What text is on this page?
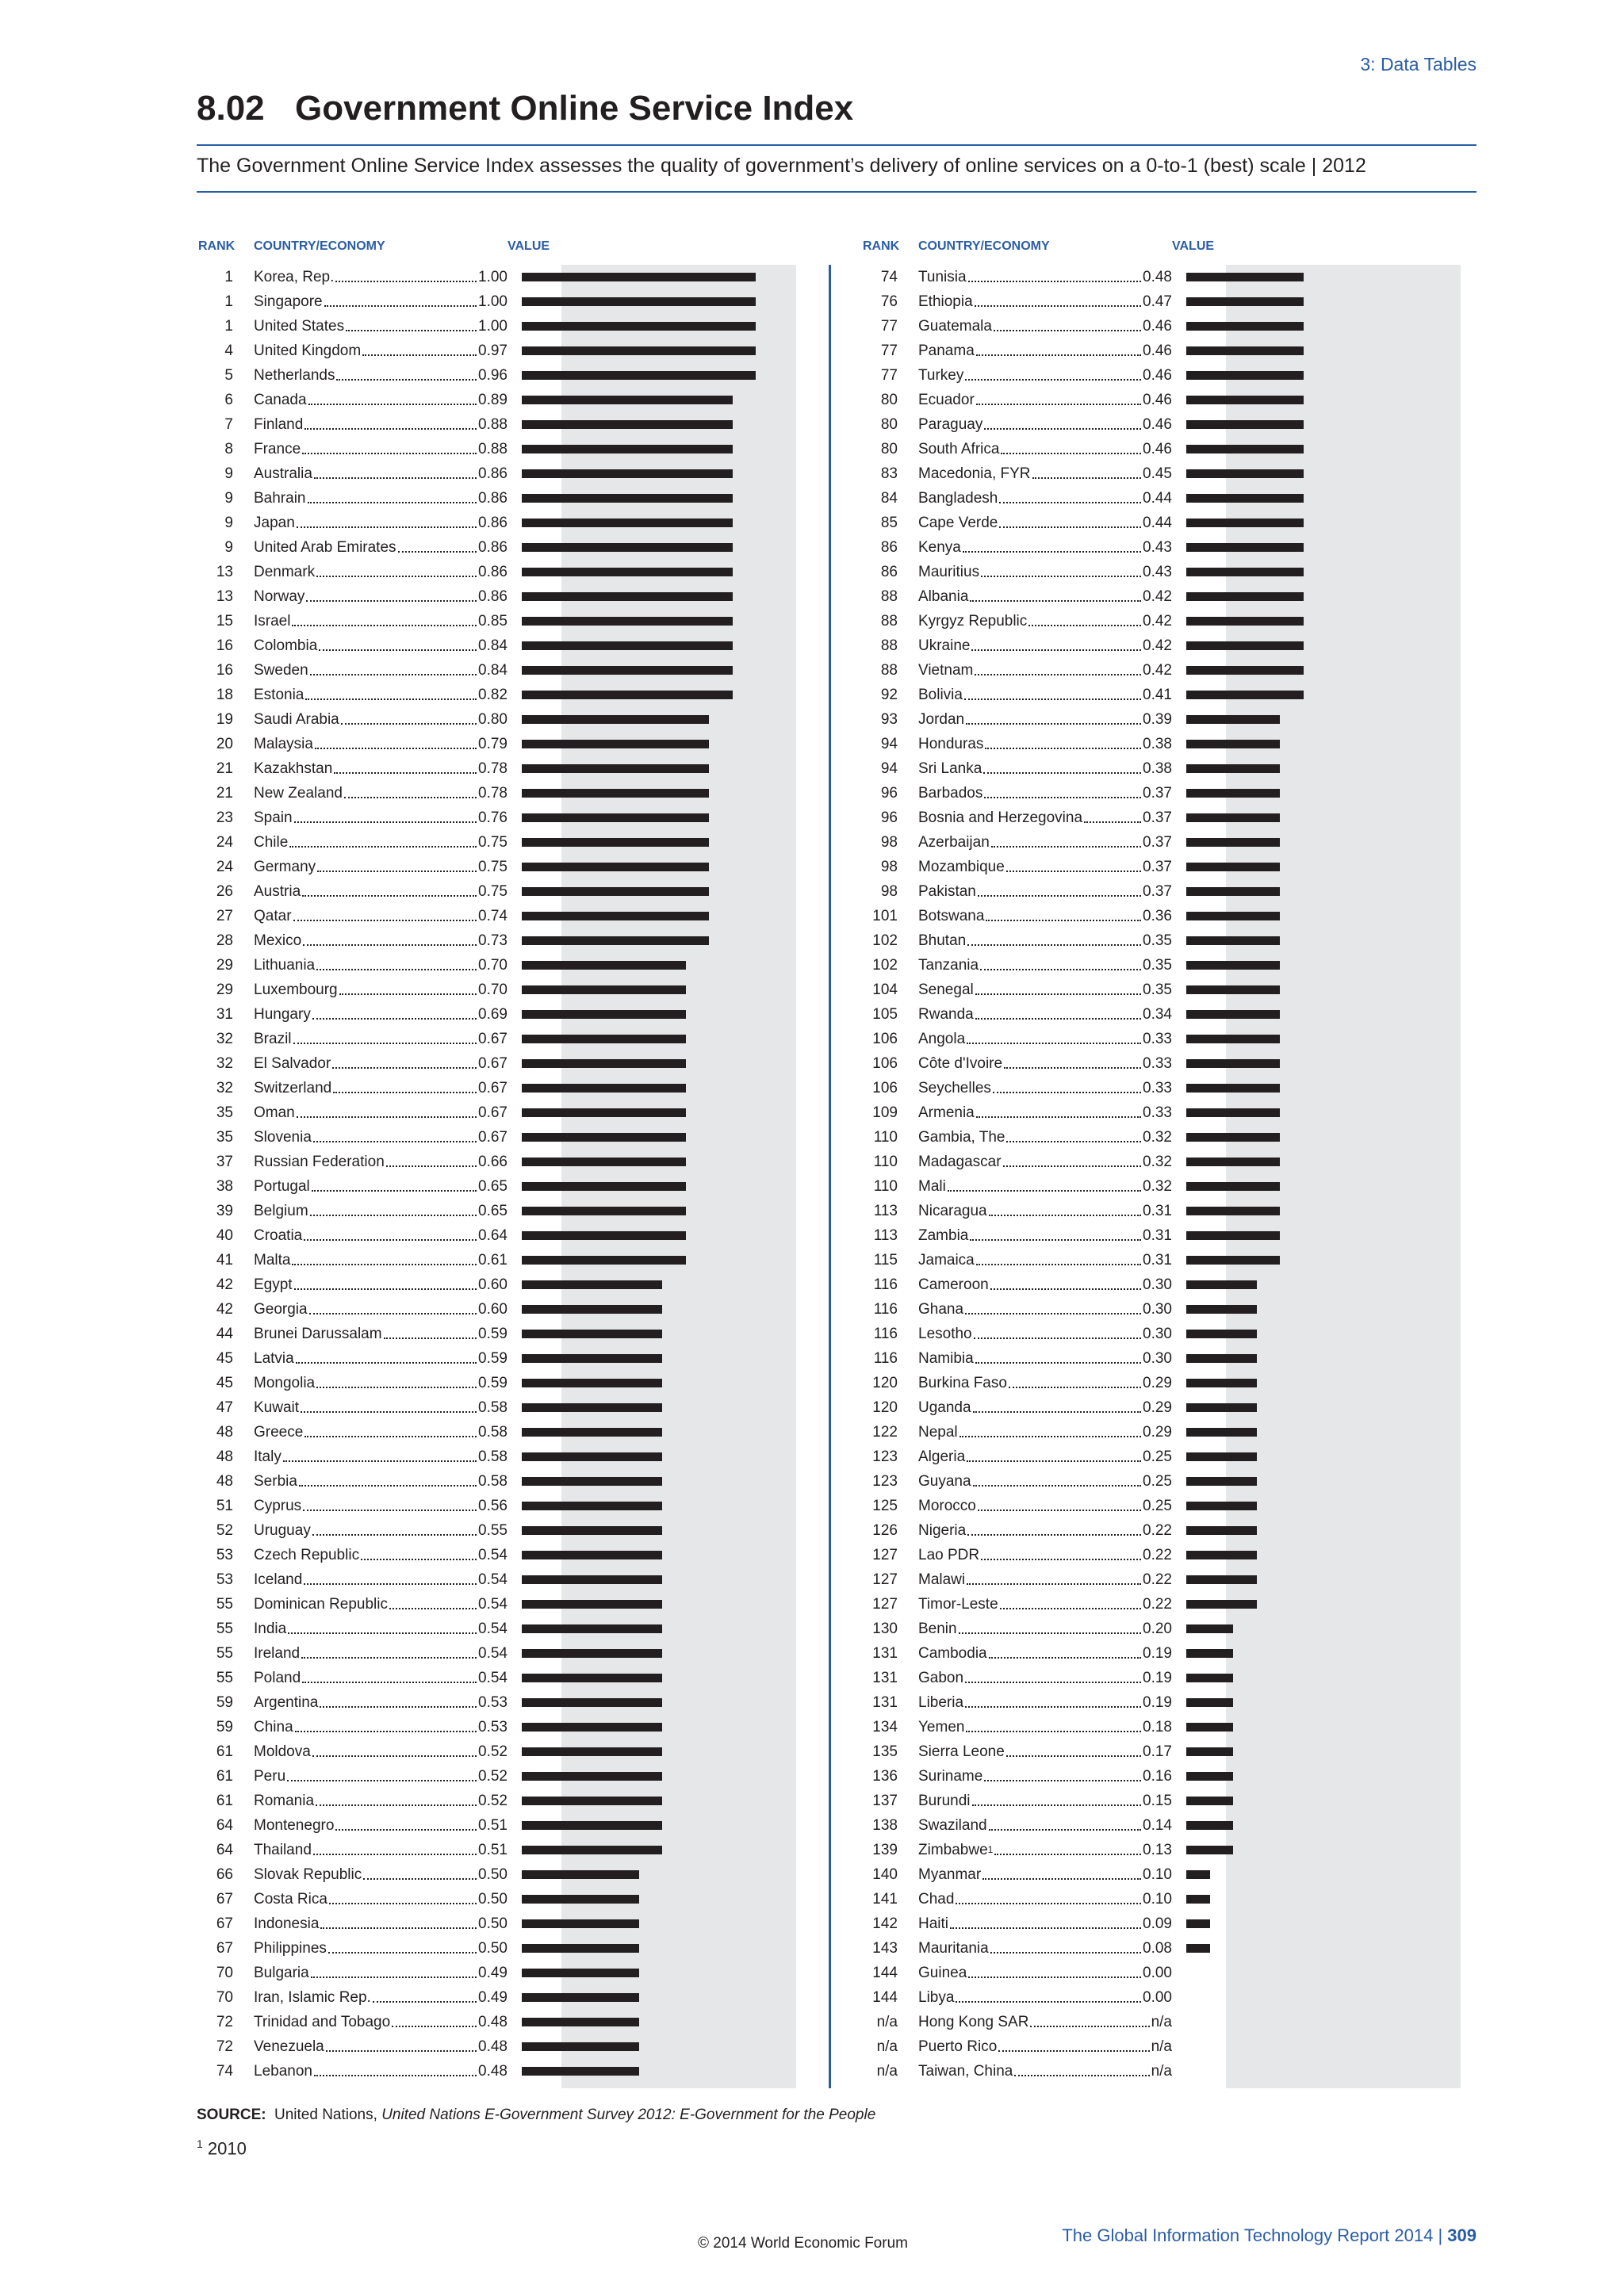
3: Data Tables
8.02 Government Online Service Index
The Government Online Service Index assesses the quality of government’s delivery of online services on a 0-to-1 (best) scale | 2012
RANK COUNTRY/ECONOMY	VALUE	RANK COUNTRY/ECONOMY	VALUE
1 Korea, Rep.	1.00
1 Singapore	1.00
1 United States	1.00
4 United Kingdom	0.97
5 Netherlands	0.96
6 Canada	0.89
7 Finland	0.88
8 France	0.88
9 Australia	0.86
9 Bahrain	0.86
9 Japan	0.86
9 United Arab Emirates	0.86
13 Denmark	0.86
13 Norway	0.86
15 Israel	0.85
16 Colombia	0.84
16 Sweden	0.84
18 Estonia	0.82
19 Saudi Arabia	0.80
20 Malaysia	0.79
21 Kazakhstan	0.78
21 New Zealand	0.78
23 Spain	0.76
24 Chile	0.75
24 Germany	0.75
26 Austria	0.75
27 Qatar	0.74
28 Mexico	0.73
29 Lithuania	0.70
29 Luxembourg	0.70
31 Hungary	0.69
32 Brazil	0.67
32 El Salvador	0.67
32 Switzerland	0.67
35 Oman	0.67
35 Slovenia	0.67
37 Russian Federation	0.66
38 Portugal	0.65
39 Belgium	0.65
40 Croatia	0.64
41 Malta	0.61
42 Egypt	0.60
42 Georgia	0.60
44 Brunei Darussalam	0.59
45 Latvia	0.59
45 Mongolia	0.59
47 Kuwait	0.58
48 Greece	0.58
48 Italy	0.58
48 Serbia	0.58
51 Cyprus	0.56
52 Uruguay	0.55
53 Czech Republic	0.54
53 Iceland	0.54
55 Dominican Republic	0.54
55 India	0.54
55 Ireland	0.54
55 Poland	0.54
59 Argentina	0.53
59 China	0.53
61 Moldova	0.52
61 Peru	0.52
61 Romania	0.52
64 Montenegro	0.51
64 Thailand	0.51
66 Slovak Republic	0.50
67 Costa Rica	0.50
67 Indonesia	0.50
67 Philippines	0.50
70 Bulgaria	0.49
70 Iran, Islamic Rep.	0.49
72 Trinidad and Tobago	0.48
72 Venezuela	0.48
74 Lebanon	0.48
74 Tunisia	0.48
76 Ethiopia	0.47
77 Guatemala	0.46
77 Panama	0.46
77 Turkey	0.46
80 Ecuador	0.46
80 Paraguay	0.46
80 South Africa	0.46
83 Macedonia, FYR	0.45
84 Bangladesh	0.44
85 Cape Verde	0.44
86 Kenya	0.43
86 Mauritius	0.43
88 Albania	0.42
88 Kyrgyz Republic	0.42
88 Ukraine	0.42
88 Vietnam	0.42
92 Bolivia	0.41
93 Jordan	0.39
94 Honduras	0.38
94 Sri Lanka	0.38
96 Barbados	0.37
96 Bosnia and Herzegovina	0.37
98 Azerbaijan	0.37
98 Mozambique	0.37
98 Pakistan	0.37
101 Botswana	0.36
102 Bhutan	0.35
102 Tanzania	0.35
104 Senegal	0.35
105 Rwanda	0.34
106 Angola	0.33
106 Côte d'Ivoire	0.33
106 Seychelles	0.33
109 Armenia	0.33
110 Gambia, The	0.32
110 Madagascar	0.32
110 Mali	0.32
113 Nicaragua	0.31
113 Zambia	0.31
115 Jamaica	0.31
116 Cameroon	0.30
116 Ghana	0.30
116 Lesotho	0.30
116 Namibia	0.30
120 Burkina Faso	0.29
120 Uganda	0.29
122 Nepal	0.29
123 Algeria	0.25
123 Guyana	0.25
125 Morocco	0.25
126 Nigeria	0.22
127 Lao PDR	0.22
127 Malawi	0.22
127 Timor-Leste	0.22
130 Benin	0.20
131 Cambodia	0.19
131 Gabon	0.19
131 Liberia	0.19
134 Yemen	0.18
135 Sierra Leone	0.17
136 Suriname	0.16
137 Burundi	0.15
138 Swaziland	0.14
139 Zimbabwe 1	0.13
140 Myanmar	0.10
141 Chad	0.10
142 Haiti	0.09
143 Mauritania	0.08
144 Guinea	0.00
144 Libya	0.00
n/a Hong Kong SAR	n/a
n/a Puerto Rico	n/a
n/a Taiwan, China	n/a
SOURCE: United Nations, United Nations E-Government Survey 2012: E-Government for the People
$^1$ 2010
© 2014 World Economic Forum	The Global Information Technology Report 2014 | 309
